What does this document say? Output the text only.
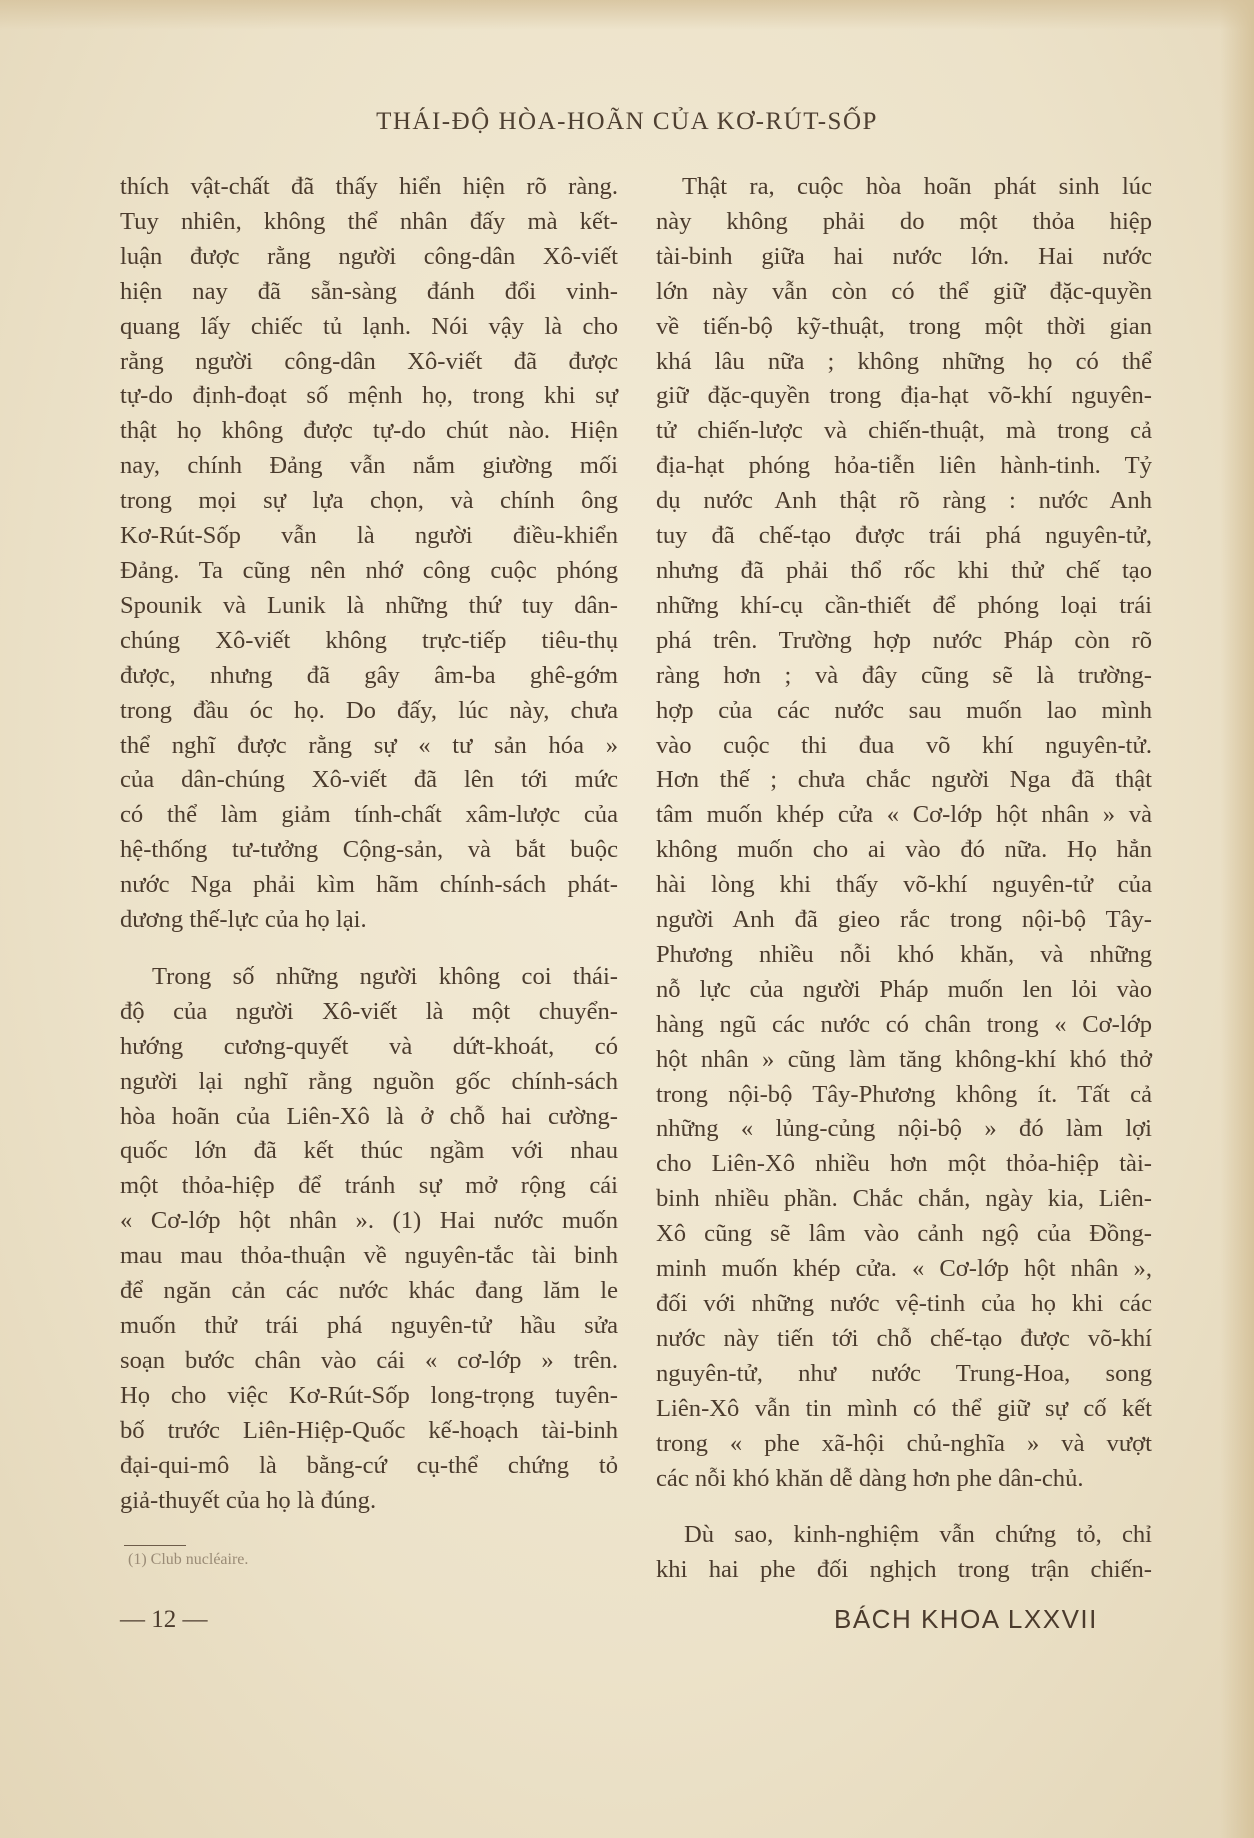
THÁI-ĐỘ HÒA-HOÃN CỦA KƠ-RÚT-SỐP

thích vật-chất đã thấy hiển hiện rõ ràng.

Tuy nhiên, không thể nhân đấy mà kết-

luận được rằng người công-dân Xô-viết

hiện nay đã sẵn-sàng đánh đổi vinh-

quang lấy chiếc tủ lạnh. Nói vậy là cho

rằng người công-dân Xô-viết đã được

tự-do định-đoạt số mệnh họ, trong khi sự

thật họ không được tự-do chút nào. Hiện

nay, chính Đảng vẫn nắm giường mối

trong mọi sự lựa chọn, và chính ông

Kơ-Rút-Sốp vẫn là người điều-khiển

Đảng. Ta cũng nên nhớ công cuộc phóng

Spounik và Lunik là những thứ tuy dân-

chúng Xô-viết không trực-tiếp tiêu-thụ

được, nhưng đã gây âm-ba ghê-gớm

trong đầu óc họ. Do đấy, lúc này, chưa

thể nghĩ được rằng sự « tư sản hóa »

của dân-chúng Xô-viết đã lên tới mức

có thể làm giảm tính-chất xâm-lược của

hệ-thống tư-tưởng Cộng-sản, và bắt buộc

nước Nga phải kìm hãm chính-sách phát-

dương thế-lực của họ lại.

Trong số những người không coi thái-

độ của người Xô-viết là một chuyển-

hướng cương-quyết và dứt-khoát, có

người lại nghĩ rằng nguồn gốc chính-sách

hòa hoãn của Liên-Xô là ở chỗ hai cường-

quốc lớn đã kết thúc ngầm với nhau

một thỏa-hiệp để tránh sự mở rộng cái

« Cơ-lớp hột nhân ». (1) Hai nước muốn

mau mau thỏa-thuận về nguyên-tắc tài binh

để ngăn cản các nước khác đang lăm le

muốn thử trái phá nguyên-tử hầu sửa

soạn bước chân vào cái « cơ-lớp » trên.

Họ cho việc Kơ-Rút-Sốp long-trọng tuyên-

bố trước Liên-Hiệp-Quốc kế-hoạch tài-binh

đại-qui-mô là bằng-cứ cụ-thể chứng tỏ

giả-thuyết của họ là đúng.

Thật ra, cuộc hòa hoãn phát sinh lúc

này không phải do một thỏa hiệp

tài-binh giữa hai nước lớn. Hai nước

lớn này vẫn còn có thể giữ đặc-quyền

về tiến-bộ kỹ-thuật, trong một thời gian

khá lâu nữa ; không những họ có thể

giữ đặc-quyền trong địa-hạt võ-khí nguyên-

tử chiến-lược và chiến-thuật, mà trong cả

địa-hạt phóng hỏa-tiễn liên hành-tinh. Tỷ

dụ nước Anh thật rõ ràng : nước Anh

tuy đã chế-tạo được trái phá nguyên-tử,

nhưng đã phải thổ rốc khi thử chế tạo

những khí-cụ cần-thiết để phóng loại trái

phá trên. Trường hợp nước Pháp còn rõ

ràng hơn ; và đây cũng sẽ là trường-

hợp của các nước sau muốn lao mình

vào cuộc thi đua võ khí nguyên-tử.

Hơn thế ; chưa chắc người Nga đã thật

tâm muốn khép cửa « Cơ-lớp hột nhân » và

không muốn cho ai vào đó nữa. Họ hẳn

hài lòng khi thấy võ-khí nguyên-tử của

người Anh đã gieo rắc trong nội-bộ Tây-

Phương nhiều nỗi khó khăn, và những

nỗ lực của người Pháp muốn len lỏi vào

hàng ngũ các nước có chân trong « Cơ-lớp

hột nhân » cũng làm tăng không-khí khó thở

trong nội-bộ Tây-Phương không ít. Tất cả

những « lủng-củng nội-bộ » đó làm lợi

cho Liên-Xô nhiều hơn một thỏa-hiệp tài-

binh nhiều phần. Chắc chắn, ngày kia, Liên-

Xô cũng sẽ lâm vào cảnh ngộ của Đồng-

minh muốn khép cửa. « Cơ-lớp hột nhân »,

đối với những nước vệ-tinh của họ khi các

nước này tiến tới chỗ chế-tạo được võ-khí

nguyên-tử, như nước Trung-Hoa, song

Liên-Xô vẫn tin mình có thể giữ sự cố kết

trong « phe xã-hội chủ-nghĩa » và vượt

các nỗi khó khăn dễ dàng hơn phe dân-chủ.

Dù sao, kinh-nghiệm vẫn chứng tỏ, chỉ

khi hai phe đối nghịch trong trận chiến-

(1) Club nucléaire.
— 12 —	BÁCH KHOA LXXVII
